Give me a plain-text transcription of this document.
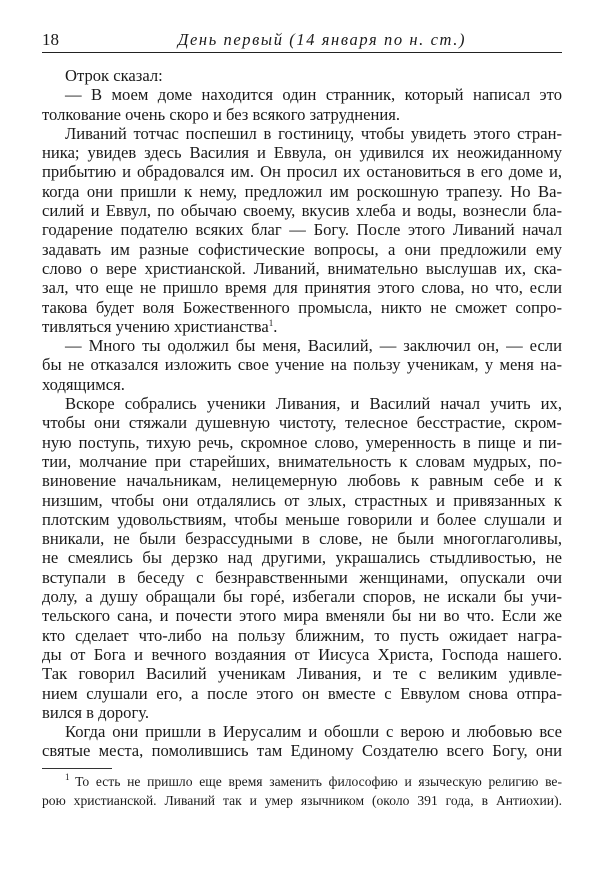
18	День первый (14 января по н. ст.)
Отрок сказал:
— В моем доме находится один странник, который написал это
толкование очень скоро и без всякого затруднения.
Ливаний тотчас поспешил в гостиницу, чтобы увидеть этого стран-
ника; увидев здесь Василия и Еввула, он удивился их неожиданному
прибытию и обрадовался им. Он просил их остановиться в его доме и,
когда они пришли к нему, предложил им роскошную трапезу. Но Ва-
силий и Еввул, по обычаю своему, вкусив хлеба и воды, вознесли бла-
годарение подателю всяких благ — Богу. После этого Ливаний начал
задавать им разные софистические вопросы, а они предложили ему
слово о вере христианской. Ливаний, внимательно выслушав их, ска-
зал, что еще не пришло время для принятия этого слова, но что, если
такова будет воля Божественного промысла, никто не сможет сопро-
тивляться учению христианства$^1$.
— Много ты одолжил бы меня, Василий, — заключил он, — если
бы не отказался изложить свое учение на пользу ученикам, у меня на-
ходящимся.
Вскоре собрались ученики Ливания, и Василий начал учить их,
чтобы они стяжали душевную чистоту, телесное бесстрастие, скром-
ную поступь, тихую речь, скромное слово, умеренность в пище и пи-
тии, молчание при старейших, внимательность к словам мудрых, по-
виновение начальникам, нелицемерную любовь к равным себе и к
низшим, чтобы они отдалялись от злых, страстных и привязанных к
плотским удовольствиям, чтобы меньше говорили и более слушали и
вникали, не были безрассудными в слове, не были многоглаголивы,
не смеялись бы дерзко над другими, украшались стыдливостью, не
вступали в беседу с безнравственными женщинами, опускали очи
долу, а душу обращали бы горé, избегали споров, не искали бы учи-
тельского сана, и почести этого мира вменяли бы ни во что. Если же
кто сделает что-либо на пользу ближним, то пусть ожидает награ-
ды от Бога и вечного воздаяния от Иисуса Христа, Господа нашего.
Так говорил Василий ученикам Ливания, и те с великим удивле-
нием слушали его, а после этого он вместе с Еввулом снова отпра-
вился в дорогу.
Когда они пришли в Иерусалим и обошли с верою и любовью все
святые места, помолившись там Единому Создателю всего Богу, они
$^1$ То есть не пришло еще время заменить философию и языческую религию ве-
рою христианской. Ливаний так и умер язычником (около 391 года, в Антиохии).
